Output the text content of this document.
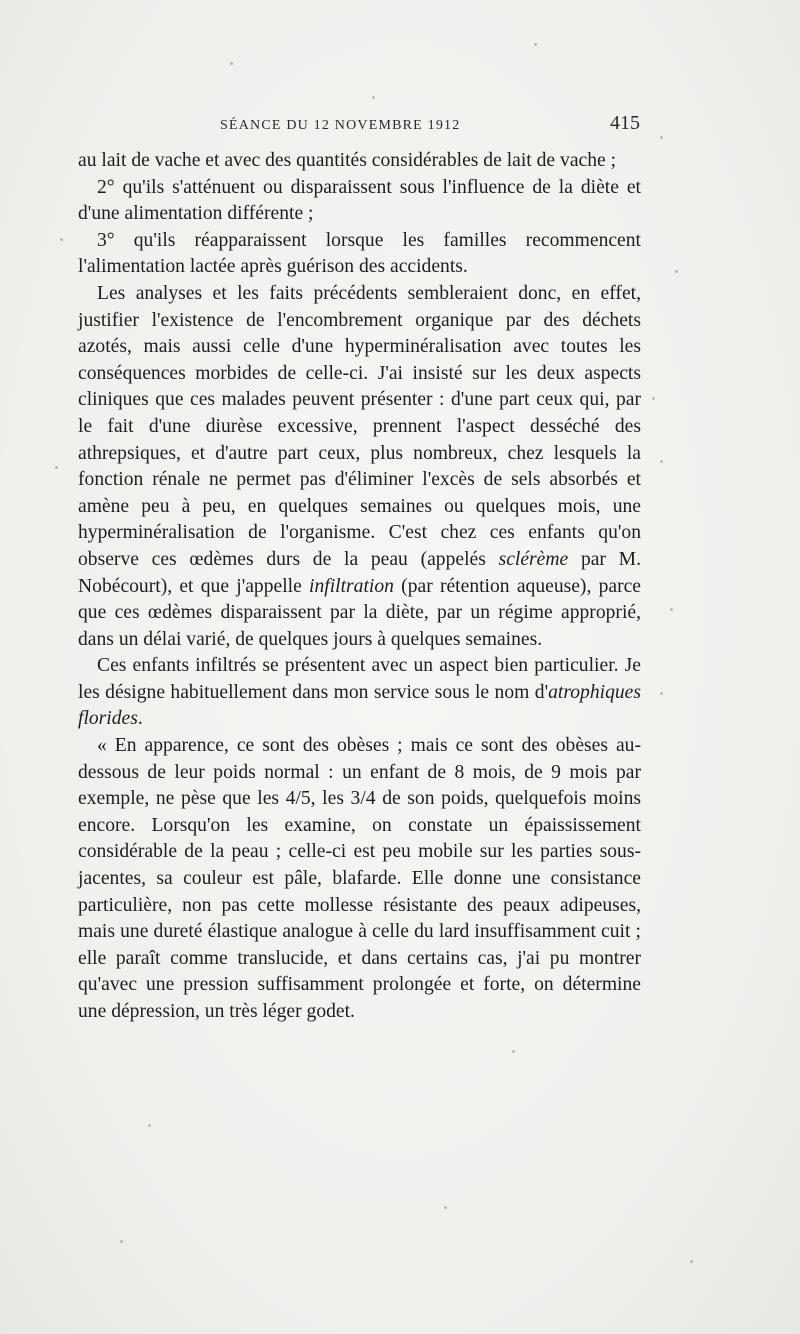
SÉANCE DU 12 NOVEMBRE 1912	415

au lait de vache et avec des quantités considérables de lait de vache ;

2° qu'ils s'atténuent ou disparaissent sous l'influence de la diète et d'une alimentation différente ;

3° qu'ils réapparaissent lorsque les familles recommencent l'alimentation lactée après guérison des accidents.

Les analyses et les faits précédents sembleraient donc, en effet, justifier l'existence de l'encombrement organique par des déchets azotés, mais aussi celle d'une hyperminéralisation avec toutes les conséquences morbides de celle-ci. J'ai insisté sur les deux aspects cliniques que ces malades peuvent présenter : d'une part ceux qui, par le fait d'une diurèse excessive, prennent l'aspect desséché des athrepsiques, et d'autre part ceux, plus nombreux, chez lesquels la fonction rénale ne permet pas d'éliminer l'excès de sels absorbés et amène peu à peu, en quelques semaines ou quelques mois, une hyperminéralisation de l'organisme. C'est chez ces enfants qu'on observe ces œdèmes durs de la peau (appelés sclérème par M. Nobécourt), et que j'appelle infiltration (par rétention aqueuse), parce que ces œdèmes disparaissent par la diète, par un régime approprié, dans un délai varié, de quelques jours à quelques semaines.

Ces enfants infiltrés se présentent avec un aspect bien particulier. Je les désigne habituellement dans mon service sous le nom d'atrophiques florides.

« En apparence, ce sont des obèses ; mais ce sont des obèses au-dessous de leur poids normal : un enfant de 8 mois, de 9 mois par exemple, ne pèse que les 4/5, les 3/4 de son poids, quelquefois moins encore. Lorsqu'on les examine, on constate un épaississement considérable de la peau ; celle-ci est peu mobile sur les parties sous-jacentes, sa couleur est pâle, blafarde. Elle donne une consistance particulière, non pas cette mollesse résistante des peaux adipeuses, mais une dureté élastique analogue à celle du lard insuffisamment cuit ; elle paraît comme translucide, et dans certains cas, j'ai pu montrer qu'avec une pression suffisamment prolongée et forte, on détermine une dépression, un très léger godet.
